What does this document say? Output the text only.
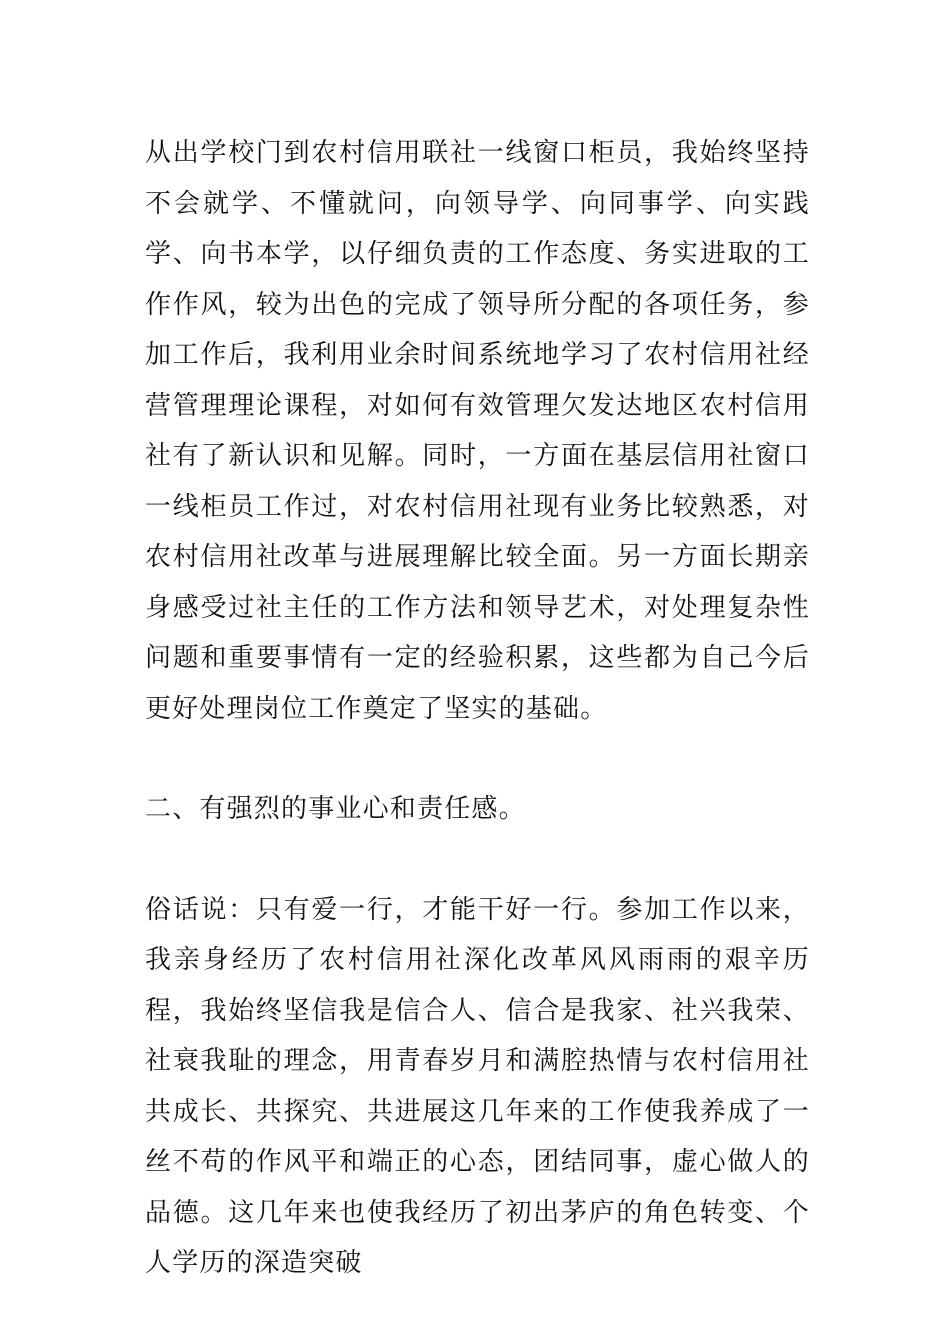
从出学校门到农村信用联社一线窗口柜员，我始终坚持不会就学、不懂就问，向领导学、向同事学、向实践学、向书本学，以仔细负责的工作态度、务实进取的工作作风，较为出色的完成了领导所分配的各项任务，参加工作后，我利用业余时间系统地学习了农村信用社经营管理理论课程，对如何有效管理欠发达地区农村信用社有了新认识和见解。同时，一方面在基层信用社窗口一线柜员工作过，对农村信用社现有业务比较熟悉，对农村信用社改革与进展理解比较全面。另一方面长期亲身感受过社主任的工作方法和领导艺术，对处理复杂性问题和重要事情有一定的经验积累，这些都为自己今后更好处理岗位工作奠定了坚实的基础。

二、有强烈的事业心和责任感。

俗话说：只有爱一行，才能干好一行。参加工作以来，我亲身经历了农村信用社深化改革风风雨雨的艰辛历程，我始终坚信我是信合人、信合是我家、社兴我荣、社衰我耻的理念，用青春岁月和满腔热情与农村信用社共成长、共探究、共进展这几年来的工作使我养成了一丝不苟的作风平和端正的心态，团结同事，虚心做人的品德。这几年来也使我经历了初出茅庐的角色转变、个人学历的深造突破
